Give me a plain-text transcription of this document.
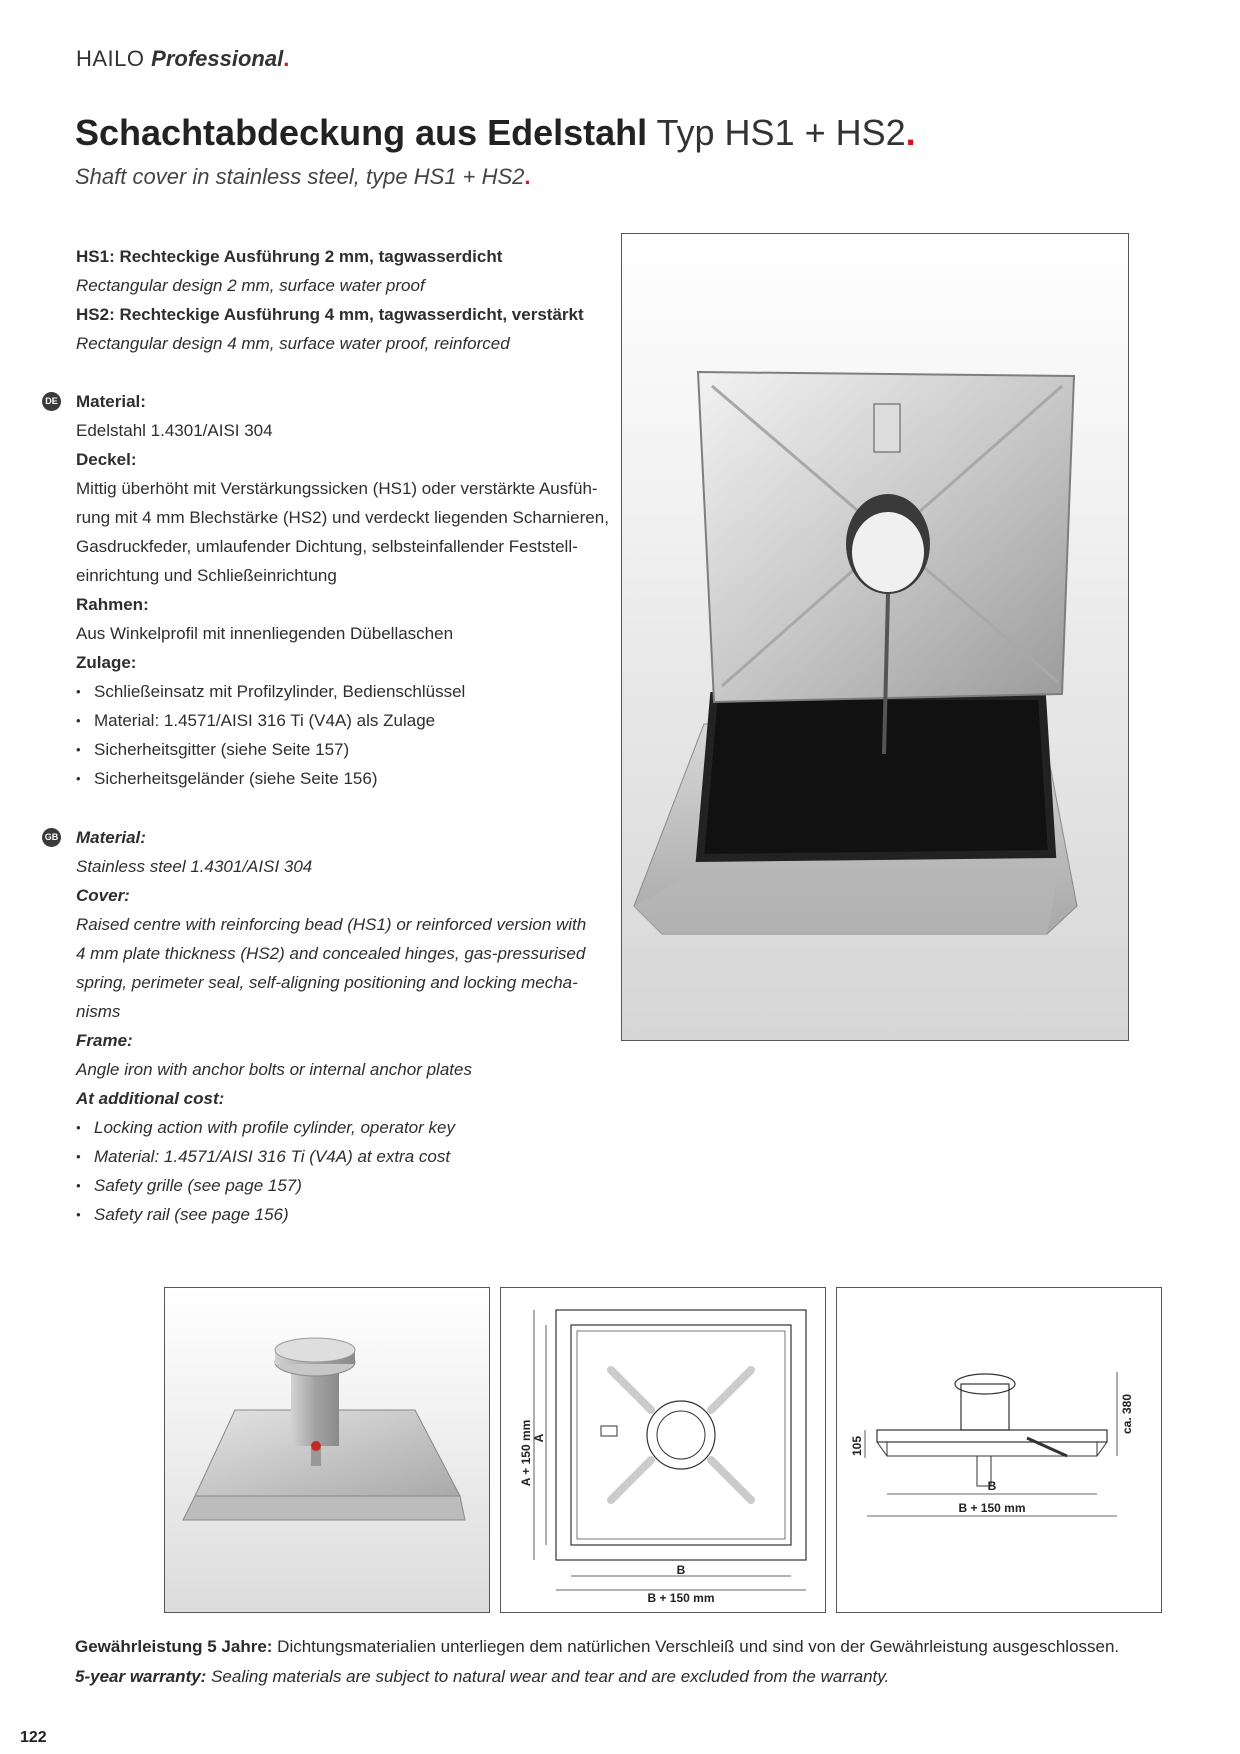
HAILO Professional.
Schachtabdeckung aus Edelstahl Typ HS1 + HS2.
Shaft cover in stainless steel, type HS1 + HS2.

HS1: Rechteckige Ausführung 2 mm, tagwasserdicht

Rectangular design 2 mm, surface water proof

HS2: Rechteckige Ausführung 4 mm, tagwasserdicht, verstärkt

Rectangular design 4 mm, surface water proof, reinforced

DE Material:

Edelstahl 1.4301/AISI 304

Deckel:

Mittig überhöht mit Verstärkungssicken (HS1) oder verstärkte Ausfüh-

rung mit 4 mm Blechstärke (HS2) und verdeckt liegenden Scharnieren,

Gasdruckfeder, umlaufender Dichtung, selbsteinfallender Feststell-

einrichtung und Schließeinrichtung

Rahmen:

Aus Winkelprofil mit innenliegenden Dübellaschen

Zulage:

• Schließeinsatz mit Profilzylinder, Bedienschlüssel
• Material: 1.4571/AISI 316 Ti (V4A) als Zulage
• Sicherheitsgitter (siehe Seite 157)
• Sicherheitsgeländer (siehe Seite 156)
GB Material:

Stainless steel 1.4301/AISI 304

Cover:

Raised centre with reinforcing bead (HS1) or reinforced version with

4 mm plate thickness (HS2) and concealed hinges, gas-pressurised

spring, perimeter seal, self-aligning positioning and locking mecha-

nisms

Frame:

Angle iron with anchor bolts or internal anchor plates

At additional cost:

• Locking action with profile cylinder, operator key
• Material: 1.4571/AISI 316 Ti (V4A) at extra cost
• Safety grille (see page 157)
• Safety rail (see page 156)
A + 150 mm A
B
B + 150 mm
105
ca. 380
B
B + 150 mm

Gewährleistung 5 Jahre: Dichtungsmaterialien unterliegen dem natürlichen Verschleiß und sind von der Gewährleistung ausgeschlossen.

5-year warranty: Sealing materials are subject to natural wear and tear and are excluded from the warranty.

122
